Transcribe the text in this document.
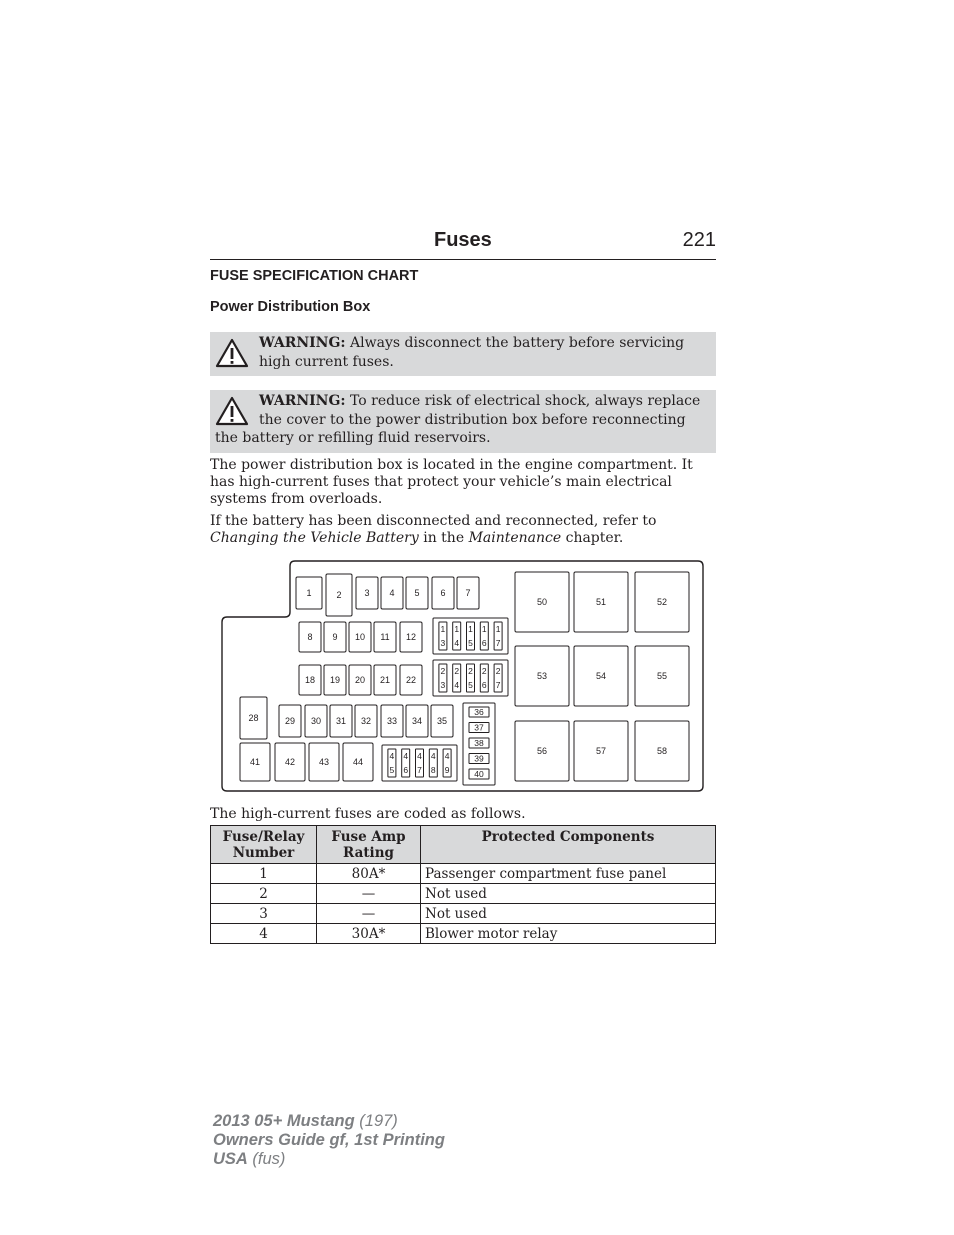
Fuses	221
FUSE SPECIFICATION CHART
Power Distribution Box
WARNING: Always disconnect the battery before servicing high current fuses.
WARNING: To reduce risk of electrical shock, always replace the cover to the power distribution box before reconnecting the battery or refilling fluid reservoirs.
The power distribution box is located in the engine compartment. It has high-current fuses that protect your vehicle’s main electrical systems from overloads.
If the battery has been disconnected and reconnected, refer to Changing the Vehicle Battery in the Maintenance chapter.
1	2	3 4 5 6 7
8 9 10 11 12
18 19 20 21 22
28	29 30 31 32 33 34 35
41	42	43	44
1
3
1
4
1
5
1
6
1
7
2
3
2
4
2
5
2
6
2
7
4
5
4
6
4
7
4
8
4
9
36
37
38
39
40
50	51	52
53	54	55
56	57	58
The high-current fuses are coded as follows.
Fuse/Relay Number	Fuse Amp Rating	Protected Components
1	80A*	Passenger compartment fuse panel
2	—	Not used
3	—	Not used
4	30A*	Blower motor relay
2013 05+ Mustang (197)
Owners Guide gf, 1st Printing
USA (fus)
